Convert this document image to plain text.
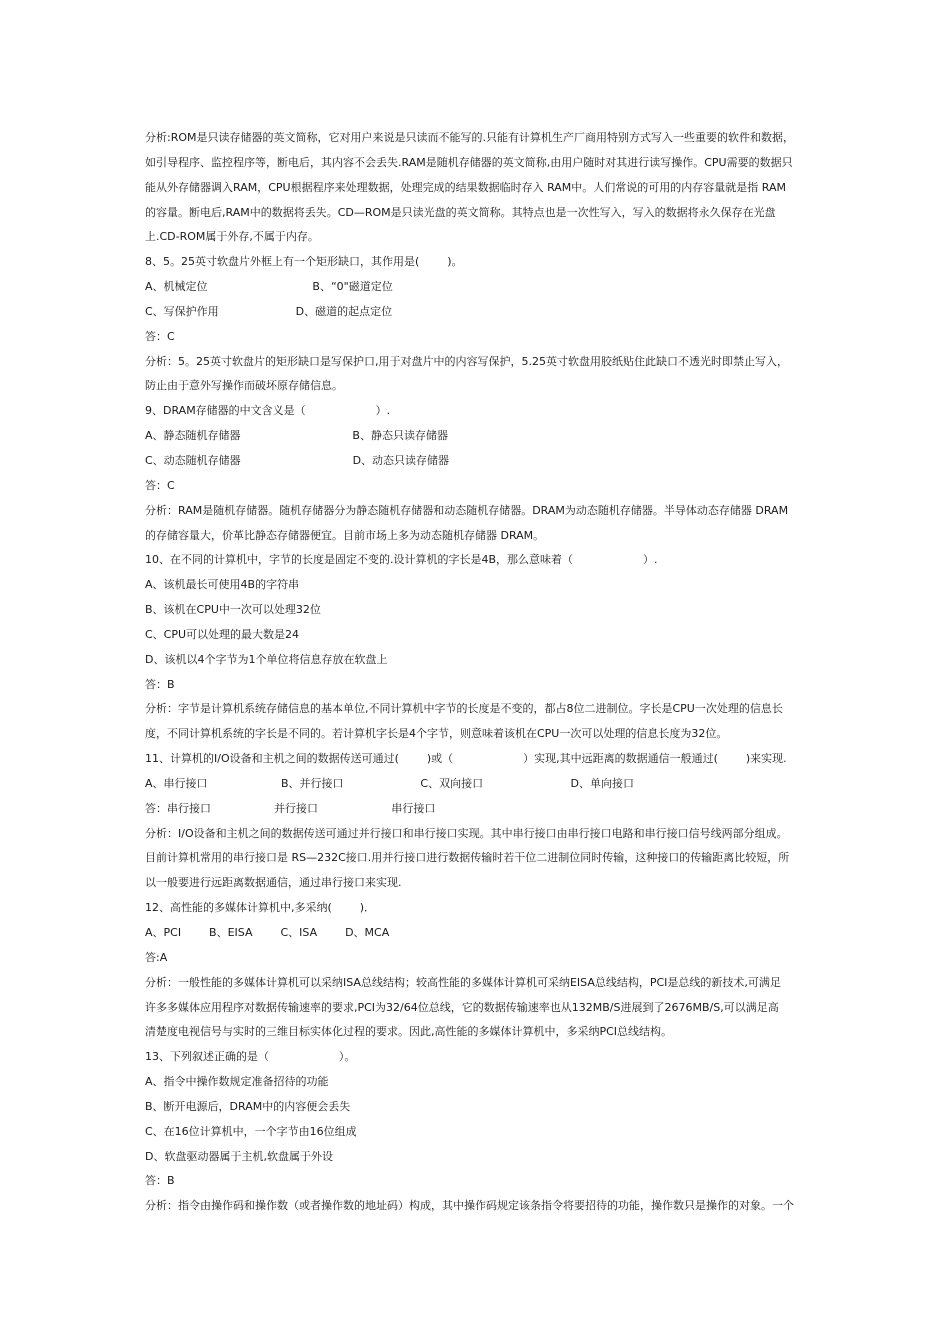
分析:ROM是只读存储器的英文简称，它对用户来说是只读而不能写的.只能有计算机生产厂商用特别方式写入一些重要的软件和数据，
如引导程序、监控程序等，断电后，其内容不会丢失.RAM是随机存储器的英文简称,由用户随时对其进行读写操作。CPU需要的数据只
能从外存储器调入RAM，CPU根据程序来处理数据，处理完成的结果数据临时存入 RAM中。人们常说的可用的内存容量就是指 RAM
的容量。断电后,RAM中的数据将丢失。CD—ROM是只读光盘的英文简称。其特点也是一次性写入，写入的数据将永久保存在光盘
上.CD-ROM属于外存,不属于内存。
8、5。25英寸软盘片外框上有一个矩形缺口，其作用是(        )。
A、机械定位                              B、“0"磁道定位
C、写保护作用                      D、磁道的起点定位
答：C
分析：5。25英寸软盘片的矩形缺口是写保护口,用于对盘片中的内容写保护，5.25英寸软盘用胶纸贴住此缺口不透光时即禁止写入，
防止由于意外写操作而破坏原存储信息。
9、DRAM存储器的中文含义是（                    ）.
A、静态随机存储器                                B、静态只读存储器
C、动态随机存储器                                D、动态只读存储器
答：C
分析：RAM是随机存储器。随机存储器分为静态随机存储器和动态随机存储器。DRAM为动态随机存储器。半导体动态存储器 DRAM
的存储容量大，价革比静态存储器便宜。目前市场上多为动态随机存储器 DRAM。
10、在不同的计算机中，字节的长度是固定不变的.设计算机的字长是4B，那么意味着（                    ）.
A、该机最长可使用4B的字符串
B、该机在CPU中一次可以处理32位
C、CPU可以处理的最大数是24
D、该机以4个字节为1个单位将信息存放在软盘上
答：B
分析：字节是计算机系统存储信息的基本单位,不同计算机中字节的长度是不变的，都占8位二进制位。字长是CPU一次处理的信息长
度，不同计算机系统的字长是不同的。若计算机字长是4个字节，则意味着该机在CPU一次可以处理的信息长度为32位。
11、计算机的I/O设备和主机之间的数据传送可通过(        )或（                    ）实现,其中远距离的数据通信一般通过(        )来实现.
A、串行接口                     B、并行接口                      C、双向接口                         D、单向接口
答：串行接口                  并行接口                     串行接口
分析：I/O设备和主机之间的数据传送可通过并行接口和串行接口实现。其中串行接口由串行接口电路和串行接口信号线两部分组成。
目前计算机常用的串行接口是 RS—232C接口.用并行接口进行数据传输时若干位二进制位同时传输，这种接口的传输距离比较短，所
以一般要进行远距离数据通信，通过串行接口来实现.
12、高性能的多媒体计算机中,多采纳(        )．
A、PCI        B、EISA        C、ISA        D、MCA
答:A
分析：一般性能的多媒体计算机可以采纳ISA总线结构；较高性能的多媒体计算机可采纳EISA总线结构，PCI是总线的新技术,可满足
许多多媒体应用程序对数据传输速率的要求,PCI为32/64位总线，它的数据传输速率也从132MB/S进展到了2676MB/S,可以满足高
清楚度电视信号与实时的三维目标实体化过程的要求。因此,高性能的多媒体计算机中，多采纳PCI总线结构。
13、下列叙述正确的是（                    ）。
A、指令中操作数规定准备招待的功能
B、断开电源后，DRAM中的内容便会丢失
C、在16位计算机中，一个字节由16位组成
D、软盘驱动器属于主机,软盘属于外设
答：B
分析：指令由操作码和操作数（或者操作数的地址码）构成，其中操作码规定该条指令将要招待的功能，操作数只是操作的对象。一个
